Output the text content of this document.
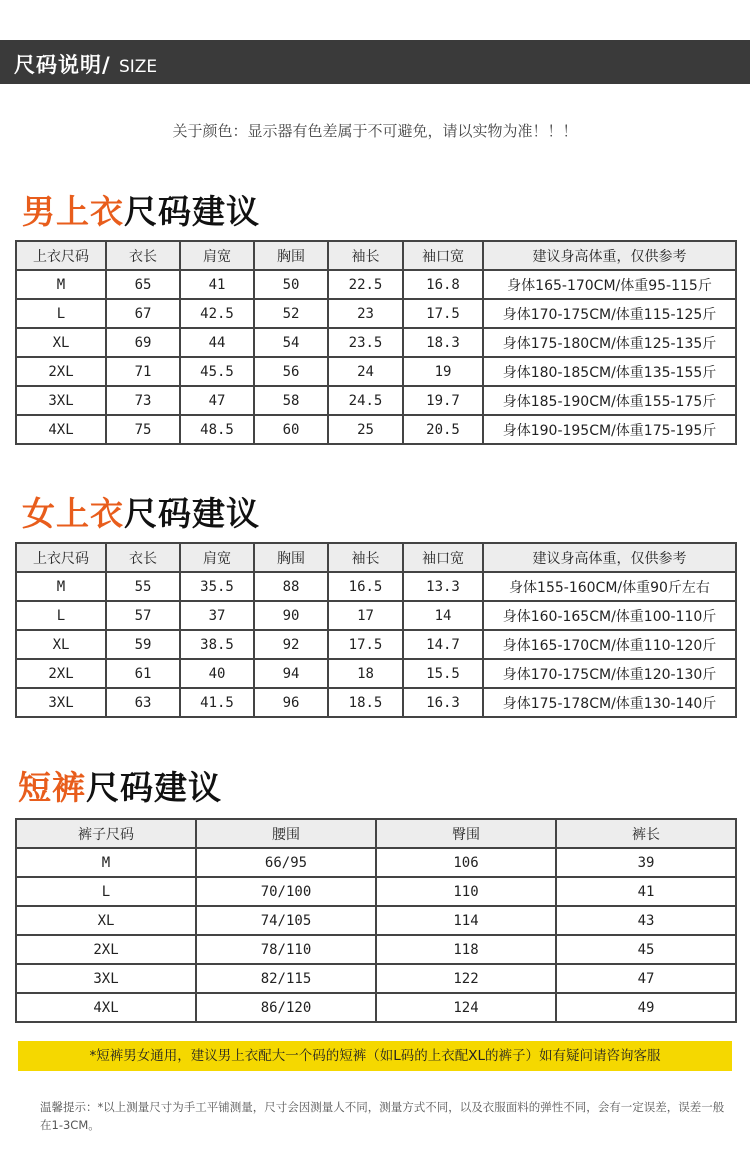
尺码说明/ SIZE
关于颜色：显示器有色差属于不可避免，请以实物为准！！！
男上衣尺码建议
上衣尺码	衣长	肩宽	胸围	袖长	袖口宽	建议身高体重，仅供参考
M	65	41	50	22.5	16.8	身体165-170CM/体重95-115斤
L	67	42.5	52	23	17.5	身体170-175CM/体重115-125斤
XL	69	44	54	23.5	18.3	身体175-180CM/体重125-135斤
2XL	71	45.5	56	24	19	身体180-185CM/体重135-155斤
3XL	73	47	58	24.5	19.7	身体185-190CM/体重155-175斤
4XL	75	48.5	60	25	20.5	身体190-195CM/体重175-195斤
女上衣尺码建议
上衣尺码	衣长	肩宽	胸围	袖长	袖口宽	建议身高体重，仅供参考
M	55	35.5	88	16.5	13.3	身体155-160CM/体重90斤左右
L	57	37	90	17	14	身体160-165CM/体重100-110斤
XL	59	38.5	92	17.5	14.7	身体165-170CM/体重110-120斤
2XL	61	40	94	18	15.5	身体170-175CM/体重120-130斤
3XL	63	41.5	96	18.5	16.3	身体175-178CM/体重130-140斤
短裤尺码建议
裤子尺码	腰围	臀围	裤长
M	66/95	106	39
L	70/100	110	41
XL	74/105	114	43
2XL	78/110	118	45
3XL	82/115	122	47
4XL	86/120	124	49
*短裤男女通用，建议男上衣配大一个码的短裤（如L码的上衣配XL的裤子）如有疑问请咨询客服
温馨提示：*以上测量尺寸为手工平铺测量，尺寸会因测量人不同，测量方式不同，以及衣服面料的弹性不同，会有一定误差，误差一般在1-3CM。
